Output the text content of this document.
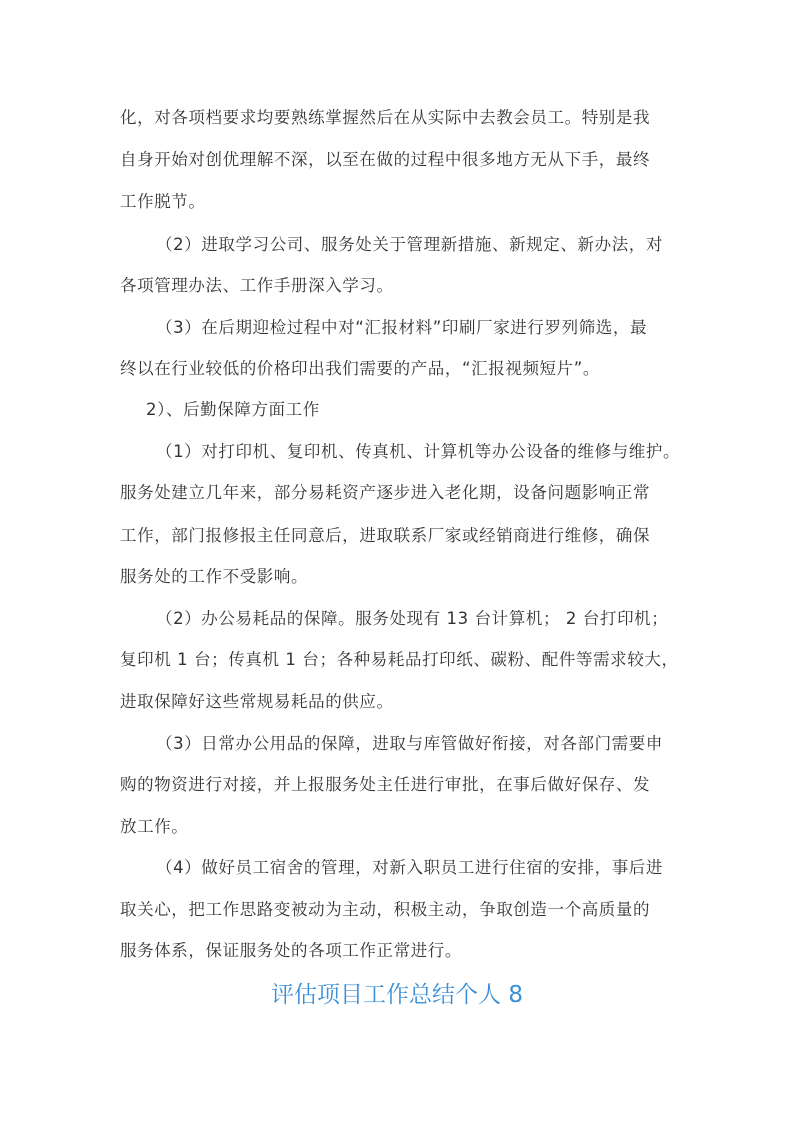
化，对各项档要求均要熟练掌握然后在从实际中去教会员工。特别是我
自身开始对创优理解不深，以至在做的过程中很多地方无从下手，最终
工作脱节。
（2）进取学习公司、服务处关于管理新措施、新规定、新办法，对
各项管理办法、工作手册深入学习。
（3）在后期迎检过程中对“汇报材料”印刷厂家进行罗列筛选，最
终以在行业较低的价格印出我们需要的产品，“汇报视频短片”。
2）、后勤保障方面工作
（1）对打印机、复印机、传真机、计算机等办公设备的维修与维护。
服务处建立几年来，部分易耗资产逐步进入老化期，设备问题影响正常
工作，部门报修报主任同意后，进取联系厂家或经销商进行维修，确保
服务处的工作不受影响。
（2）办公易耗品的保障。服务处现有 13 台计算机； 2 台打印机；
复印机 1 台；传真机 1 台；各种易耗品打印纸、碳粉、配件等需求较大，
进取保障好这些常规易耗品的供应。
（3）日常办公用品的保障，进取与库管做好衔接，对各部门需要申
购的物资进行对接，并上报服务处主任进行审批，在事后做好保存、发
放工作。
（4）做好员工宿舍的管理，对新入职员工进行住宿的安排，事后进
取关心，把工作思路变被动为主动，积极主动，争取创造一个高质量的
服务体系，保证服务处的各项工作正常进行。
评估项目工作总结个人 8
